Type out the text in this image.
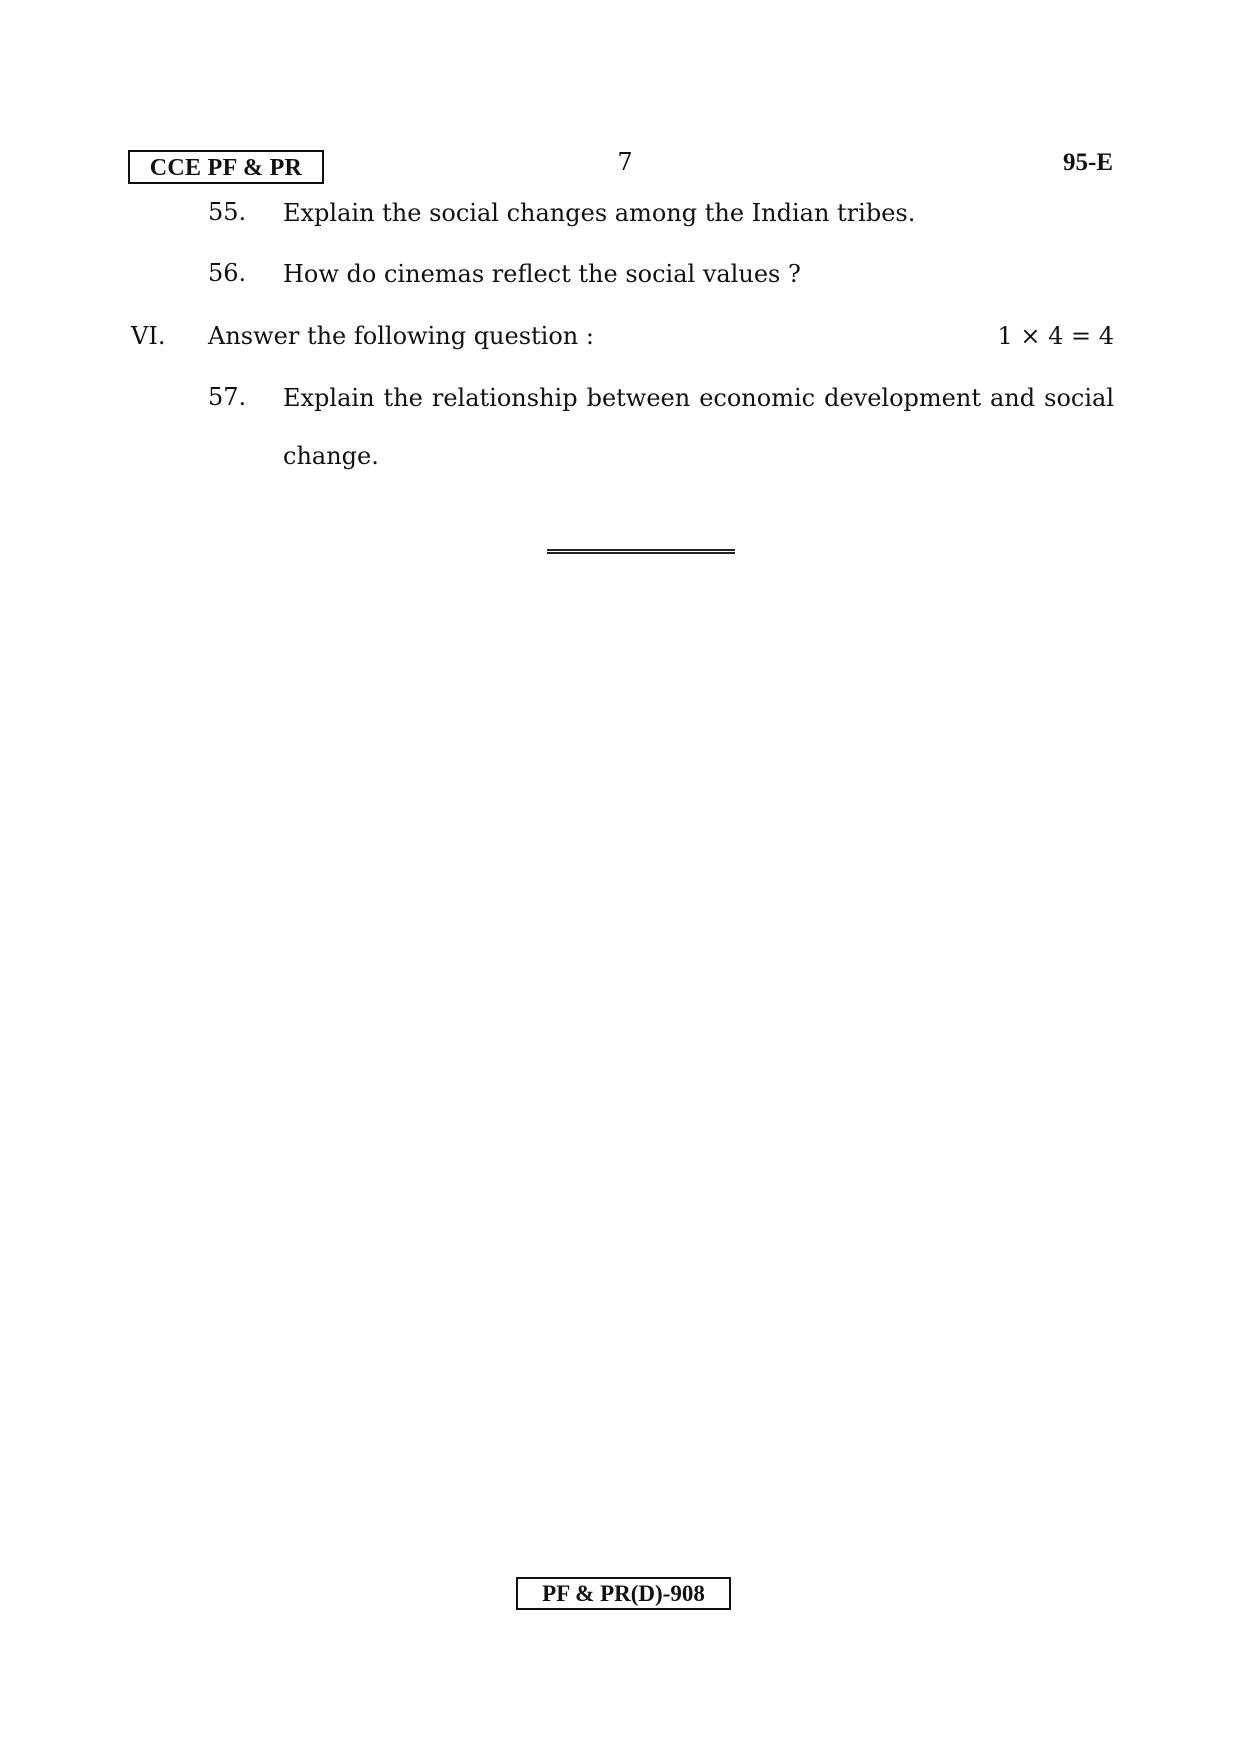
CCE PF & PR	7	95-E
55. Explain the social changes among the Indian tribes.
56. How do cinemas reflect the social values ?
VI. Answer the following question :	1 × 4 = 4
57. Explain the relationship between economic development and social change.
PF & PR(D)-908
